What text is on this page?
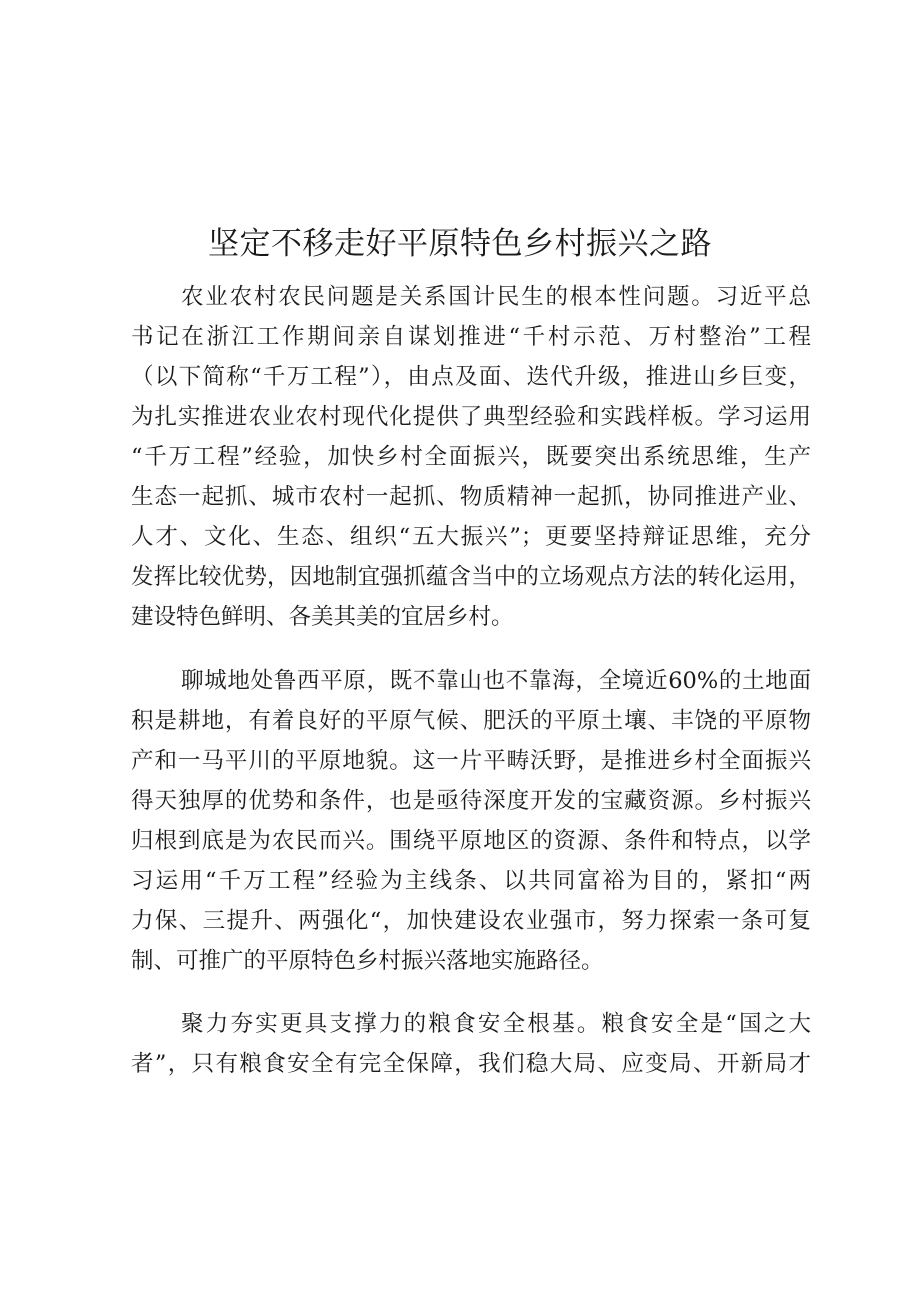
坚定不移走好平原特色乡村振兴之路
农业农村农民问题是关系国计民生的根本性问题。习近平总
书记在浙江工作期间亲自谋划推进“千村示范、万村整治”工程
（以下简称“千万工程”），由点及面、迭代升级，推进山乡巨变，
为扎实推进农业农村现代化提供了典型经验和实践样板。学习运用
“千万工程”经验，加快乡村全面振兴，既要突出系统思维，生产
生态一起抓、城市农村一起抓、物质精神一起抓，协同推进产业、
人才、文化、生态、组织“五大振兴”；更要坚持辩证思维，充分
发挥比较优势，因地制宜强抓蕴含当中的立场观点方法的转化运用，
建设特色鲜明、各美其美的宜居乡村。
聊城地处鲁西平原，既不靠山也不靠海，全境近60%的土地面
积是耕地，有着良好的平原气候、肥沃的平原土壤、丰饶的平原物
产和一马平川的平原地貌。这一片平畴沃野，是推进乡村全面振兴
得天独厚的优势和条件，也是亟待深度开发的宝藏资源。乡村振兴
归根到底是为农民而兴。围绕平原地区的资源、条件和特点，以学
习运用“千万工程”经验为主线条、以共同富裕为目的，紧扣“两
力保、三提升、两强化“，加快建设农业强市，努力探索一条可复
制、可推广的平原特色乡村振兴落地实施路径。
聚力夯实更具支撑力的粮食安全根基。粮食安全是“国之大
者”，只有粮食安全有完全保障，我们稳大局、应变局、开新局才
